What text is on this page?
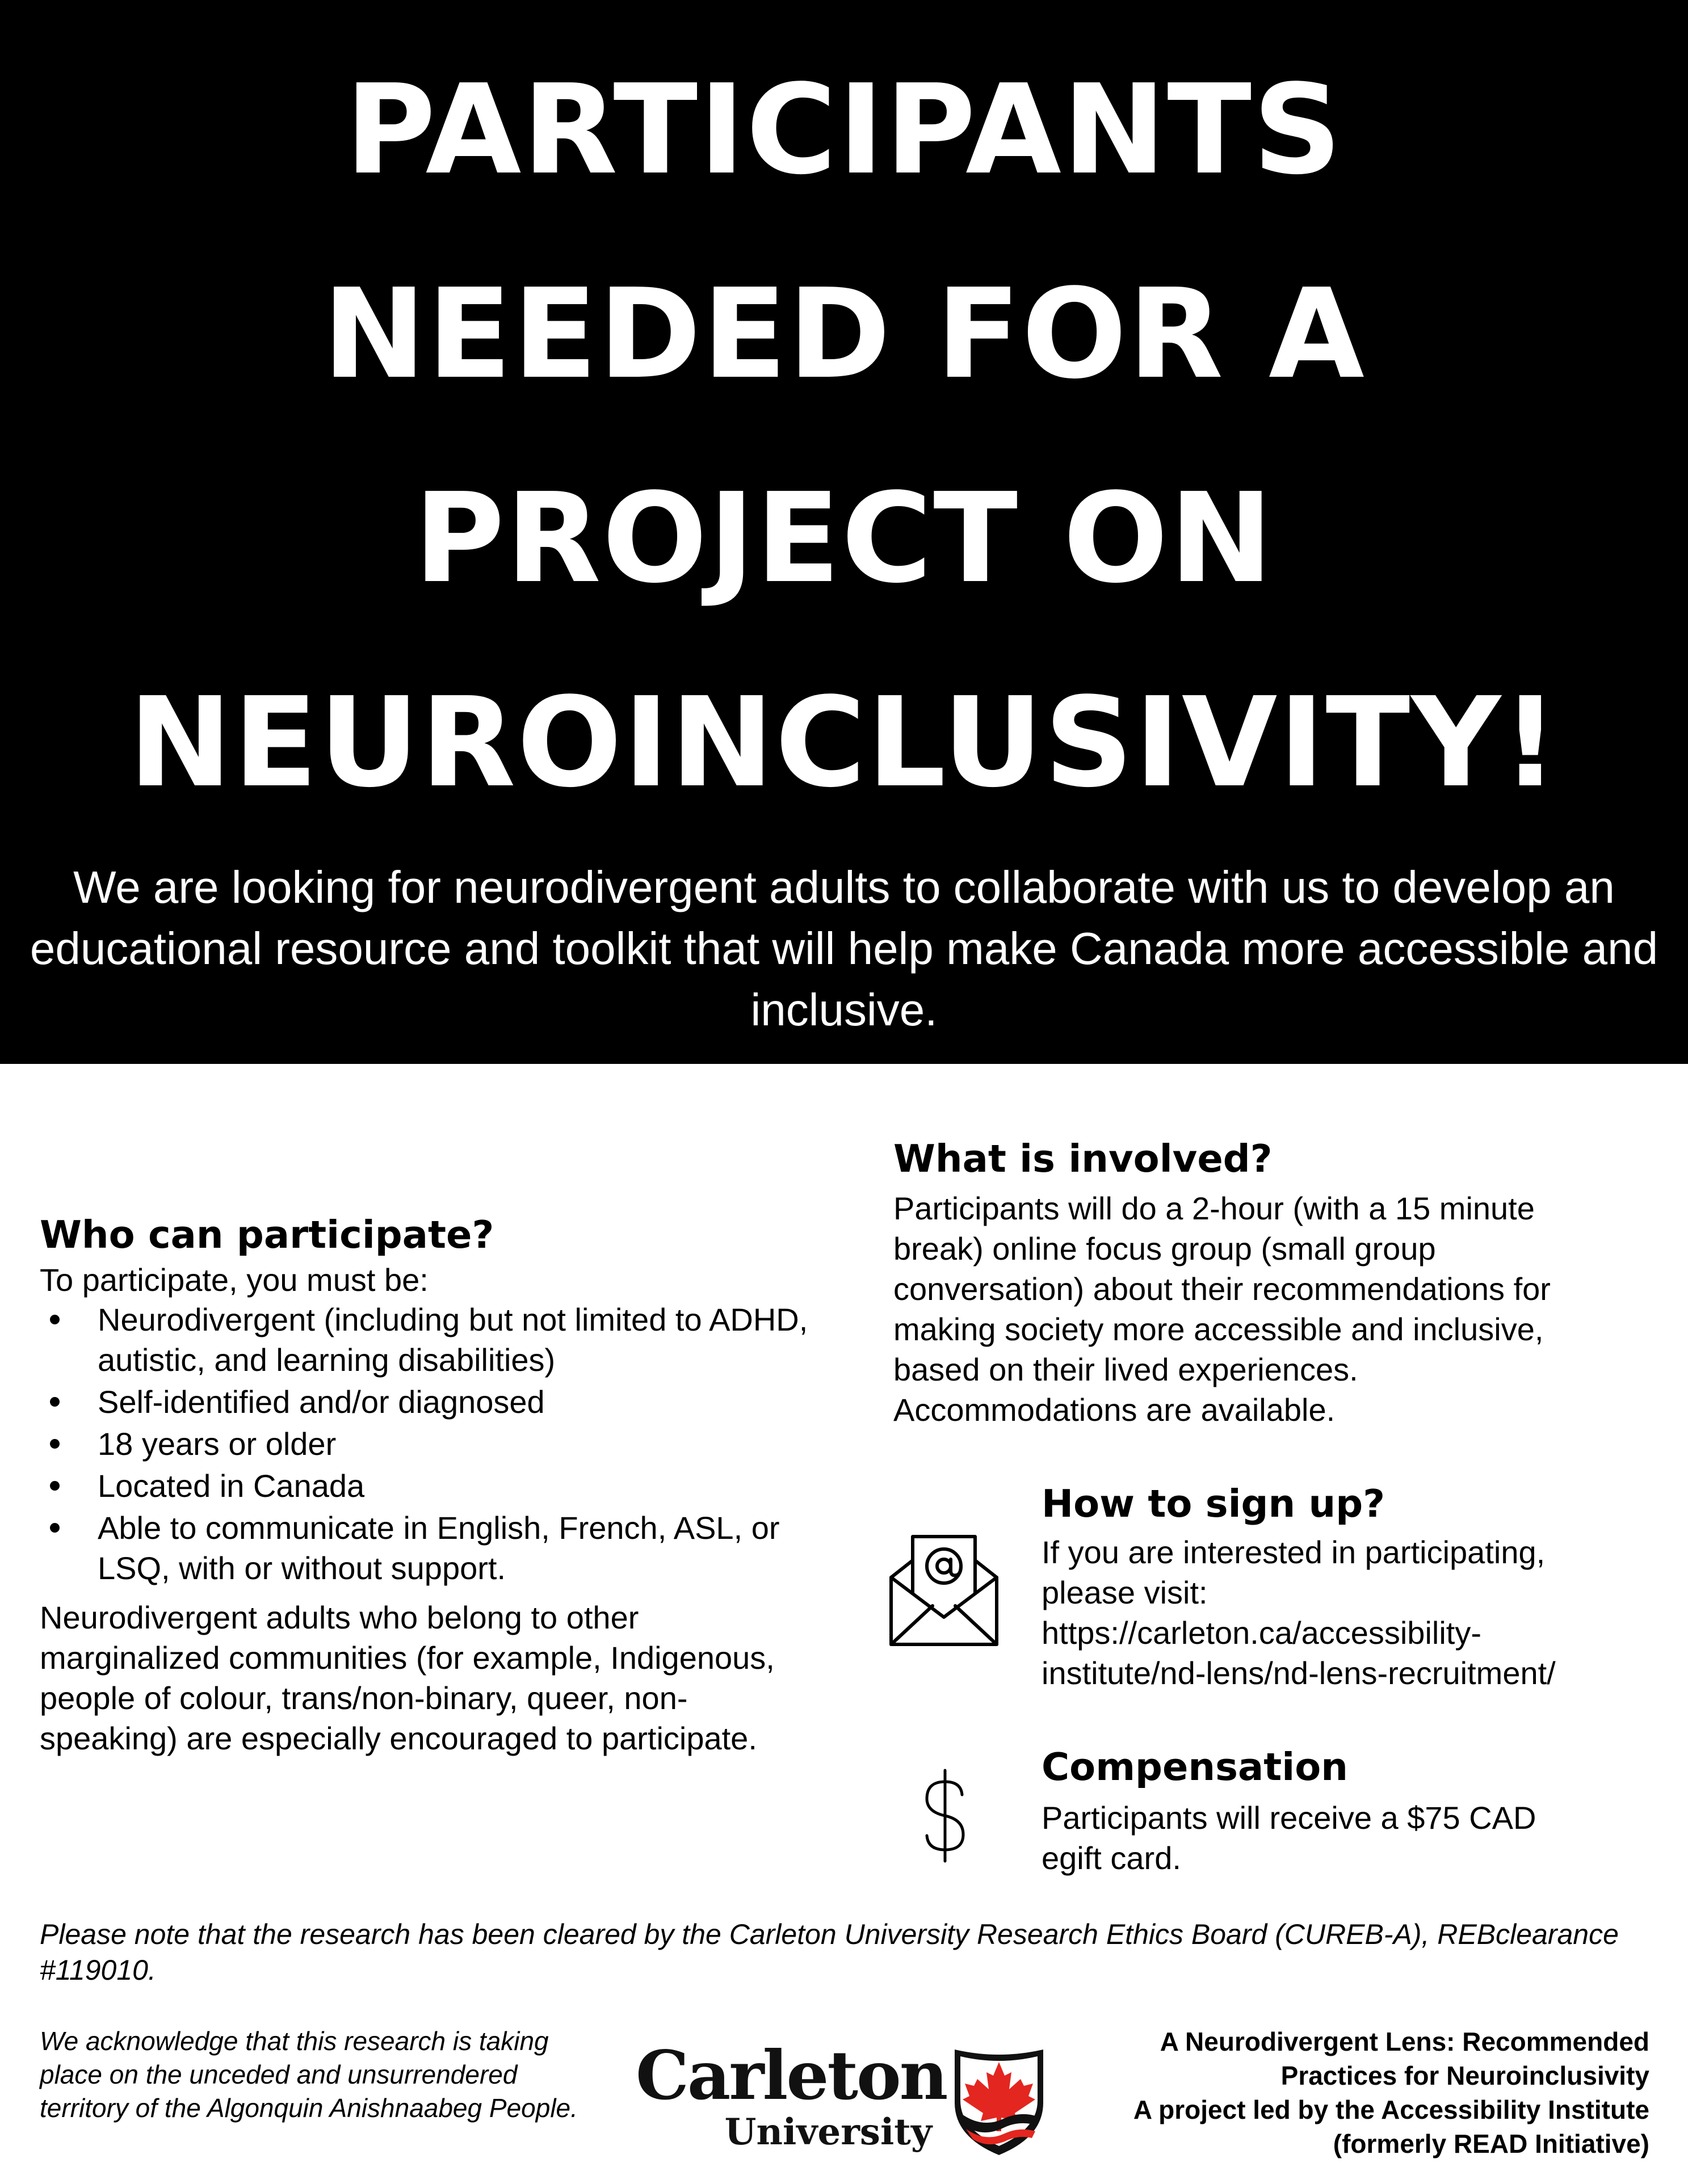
PARTICIPANTS
NEEDED FOR A
PROJECT ON
NEUROINCLUSIVITY!

We are looking for neurodivergent adults to collaborate with us to develop an educational resource and toolkit that will help make Canada more accessible and inclusive.

Who can participate?

To participate, you must be:

Neurodivergent (including but not limited to ADHD, autistic, and learning disabilities)
Self-identified and/or diagnosed
18 years or older
Located in Canada
Able to communicate in English, French, ASL, or LSQ, with or without support.

Neurodivergent adults who belong to other marginalized communities (for example, Indigenous, people of colour, trans/non-binary, queer, non-speaking) are especially encouraged to participate.

What is involved?

Participants will do a 2-hour (with a 15 minute break) online focus group (small group conversation) about their recommendations for making society more accessible and inclusive, based on their lived experiences. Accommodations are available.

How to sign up?
If you are interested in participating,
please visit:
https://carleton.ca/accessibility-
institute/nd-lens/nd-lens-recruitment/
Compensation

Participants will receive a $75 CAD egift card.

Please note that the research has been cleared by the Carleton University Research Ethics Board (CUREB-A), REBclearance #119010.

We acknowledge that this research is taking place on the unceded and unsurrendered territory of the Algonquin Anishnaabeg People. Carleton
University
A Neurodivergent Lens: Recommended
Practices for Neuroinclusivity
A project led by the Accessibility Institute
(formerly READ Initiative)
